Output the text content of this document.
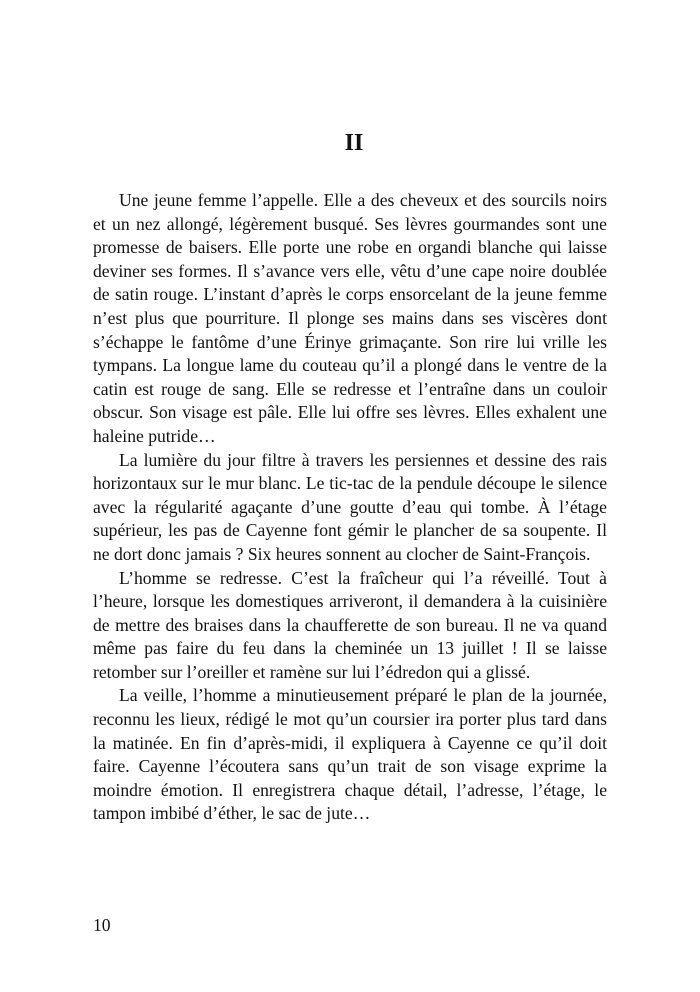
II

Une jeune femme l’appelle. Elle a des cheveux et des sourcils noirs et un nez allongé, légèrement busqué. Ses lèvres gourmandes sont une promesse de baisers. Elle porte une robe en organdi blanche qui laisse deviner ses formes. Il s’avance vers elle, vêtu d’une cape noire doublée de satin rouge. L’instant d’après le corps ensorcelant de la jeune femme n’est plus que pourriture. Il plonge ses mains dans ses viscères dont s’échappe le fantôme d’une Érinye grimaçante. Son rire lui vrille les tympans. La longue lame du couteau qu’il a plongé dans le ventre de la catin est rouge de sang. Elle se redresse et l’entraîne dans un couloir obscur. Son visage est pâle. Elle lui offre ses lèvres. Elles exhalent une haleine putride…

La lumière du jour filtre à travers les persiennes et dessine des rais horizontaux sur le mur blanc. Le tic-tac de la pendule découpe le silence avec la régularité agaçante d’une goutte d’eau qui tombe. À l’étage supérieur, les pas de Cayenne font gémir le plancher de sa soupente. Il ne dort donc jamais ? Six heures sonnent au clocher de Saint-François.

L’homme se redresse. C’est la fraîcheur qui l’a réveillé. Tout à l’heure, lorsque les domestiques arriveront, il demandera à la cuisinière de mettre des braises dans la chaufferette de son bureau. Il ne va quand même pas faire du feu dans la cheminée un 13 juillet ! Il se laisse retomber sur l’oreiller et ramène sur lui l’édredon qui a glissé.

La veille, l’homme a minutieusement préparé le plan de la journée, reconnu les lieux, rédigé le mot qu’un coursier ira porter plus tard dans la matinée. En fin d’après-midi, il expliquera à Cayenne ce qu’il doit faire. Cayenne l’écoutera sans qu’un trait de son visage exprime la moindre émotion. Il enregistrera chaque détail, l’adresse, l’étage, le tampon imbibé d’éther, le sac de jute…

10
